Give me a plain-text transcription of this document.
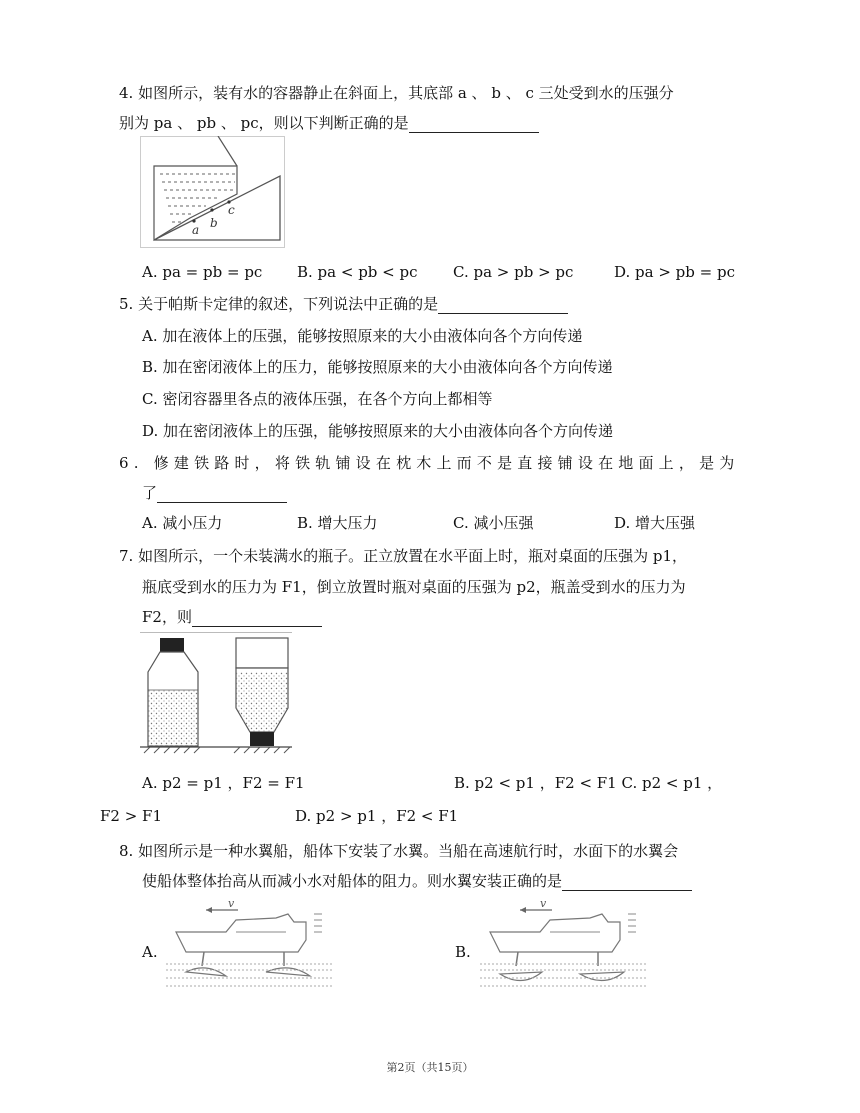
4. 如图所示，装有水的容器静止在斜面上，其底部 a 、 b 、 c 三处受到水的压强分
别为 pa 、 pb 、 pc，则以下判断正确的是
a b
c
A. pa = pb = pc B. pa < pb < pc C. pa > pb > pc	D. pa > pb = pc
5. 关于帕斯卡定律的叙述，下列说法中正确的是
A. 加在液体上的压强，能够按照原来的大小由液体向各个方向传递
B. 加在密闭液体上的压力，能够按照原来的大小由液体向各个方向传递
C. 密闭容器里各点的液体压强，在各个方向上都相等
D. 加在密闭液体上的压强，能够按照原来的大小由液体向各个方向传递
6. 修建铁路时，将铁轨铺设在枕木上而不是直接铺设在地面上，是为
了
A. 减小压力	B. 增大压力	C. 减小压强	D. 增大压强
7. 如图所示，一个未装满水的瓶子。正立放置在水平面上时，瓶对桌面的压强为 p1，
瓶底受到水的压力为 F1，倒立放置时瓶对桌面的压强为 p2，瓶盖受到水的压力为
F2，则
A. p2 = p1 ，F2 = F1	B. p2 < p1 ，F2 < F1 C. p2 < p1 ，
F2 > F1	D. p2 > p1 ，F2 < F1
8. 如图所示是一种水翼船，船体下安装了水翼。当船在高速航行时，水面下的水翼会
使船体整体抬高从而减小水对船体的阻力。则水翼安装正确的是
A.	B.
v	v
第2页（共15页）
